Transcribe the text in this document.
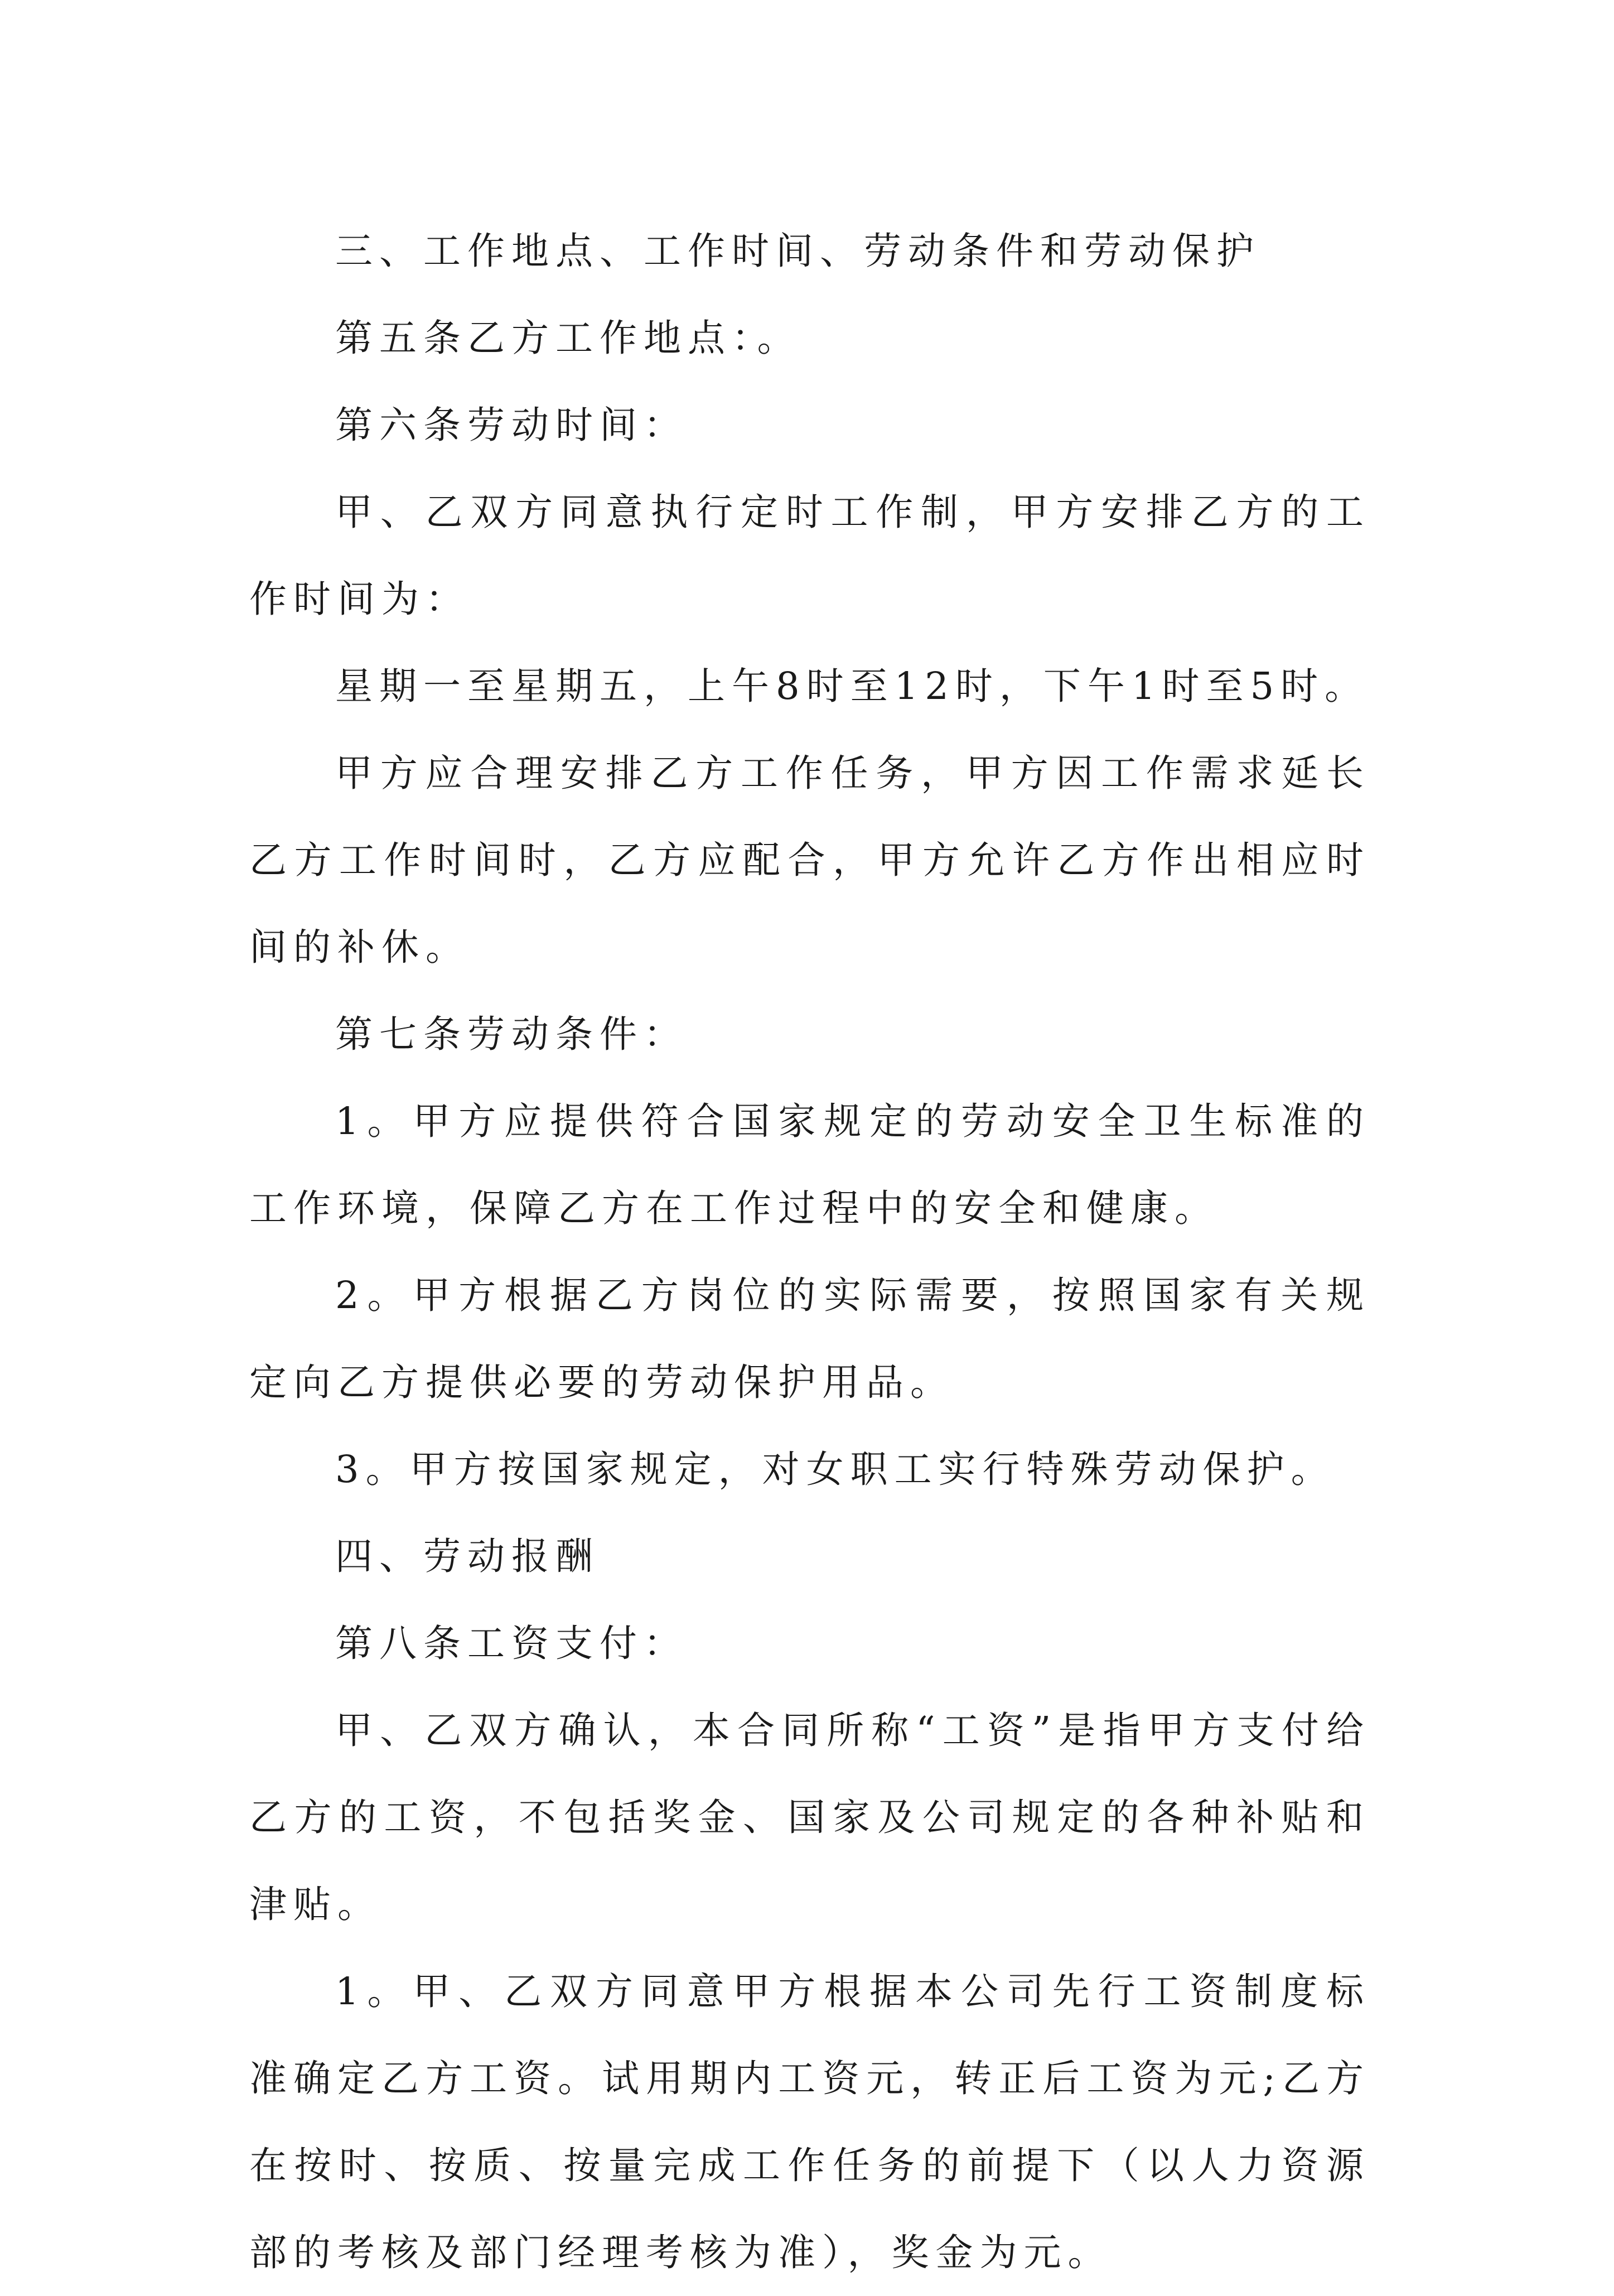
三、工作地点、工作时间、劳动条件和劳动保护

第五条乙方工作地点：。

第六条劳动时间：

甲、乙双方同意执行定时工作制，甲方安排乙方的工作时间为：

星期一至星期五，上午8时至12时，下午1时至5时。

甲方应合理安排乙方工作任务，甲方因工作需求延长乙方工作时间时，乙方应配合，甲方允许乙方作出相应时间的补休。

第七条劳动条件：

1。甲方应提供符合国家规定的劳动安全卫生标准的工作环境，保障乙方在工作过程中的安全和健康。

2。甲方根据乙方岗位的实际需要，按照国家有关规定向乙方提供必要的劳动保护用品。

3。甲方按国家规定，对女职工实行特殊劳动保护。

四、劳动报酬

第八条工资支付：

甲、乙双方确认，本合同所称“工资”是指甲方支付给乙方的工资，不包括奖金、国家及公司规定的各种补贴和津贴。

1。甲、乙双方同意甲方根据本公司先行工资制度标准确定乙方工资。试用期内工资元，转正后工资为元;乙方在按时、按质、按量完成工作任务的前提下（以人力资源部的考核及部门经理考核为准），奖金为元。
